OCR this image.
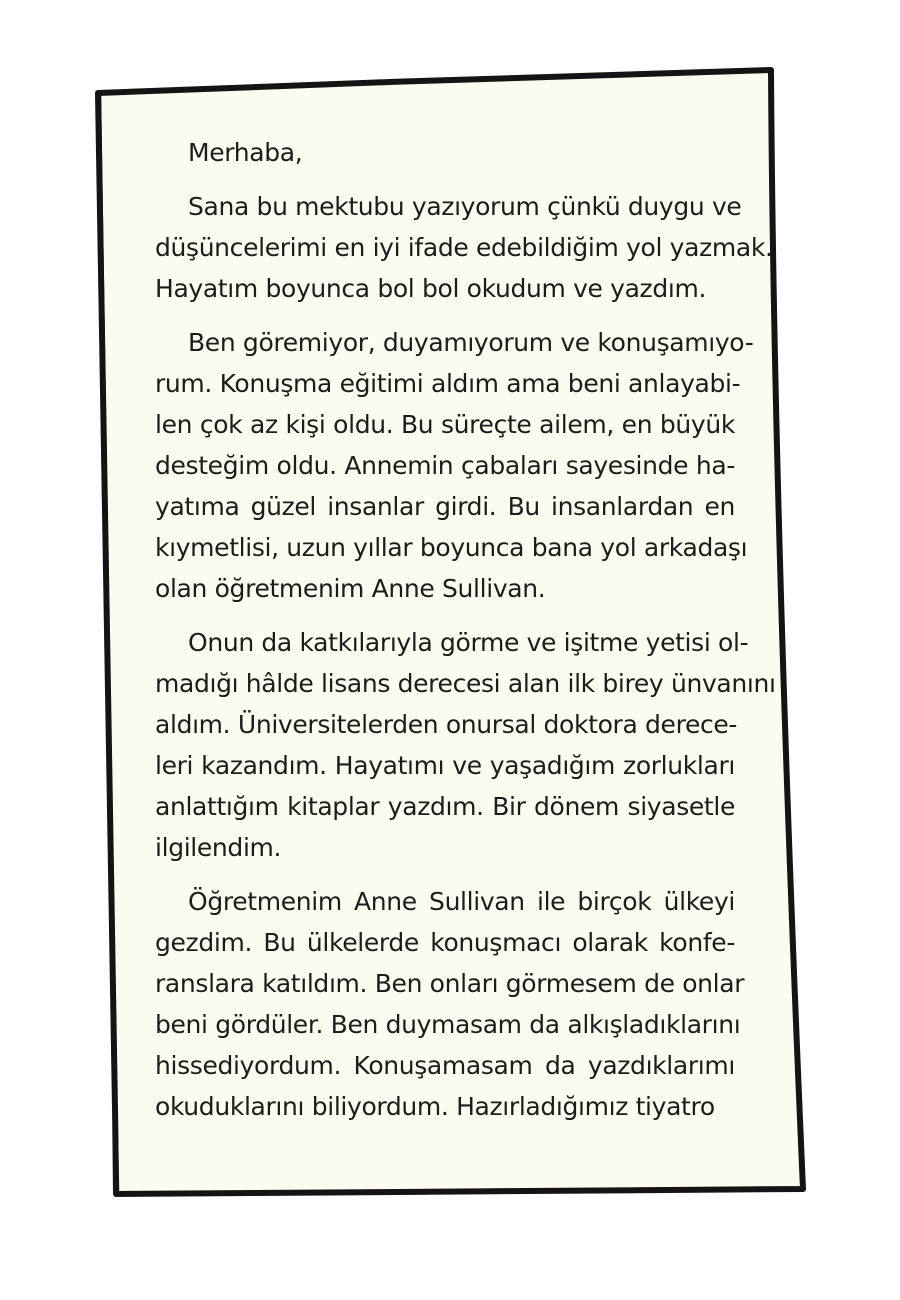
Merhaba,
Sana bu mektubu yazıyorum çünkü duygu ve
düşüncelerimi en iyi ifade edebildiğim yol yazmak.
Hayatım boyunca bol bol okudum ve yazdım.
Ben göremiyor, duyamıyorum ve konuşamıyo-
rum. Konuşma eğitimi aldım ama beni anlayabi-
len çok az kişi oldu. Bu süreçte ailem, en büyük
desteğim oldu. Annemin çabaları sayesinde ha-
yatıma güzel insanlar girdi. Bu insanlardan en
kıymetlisi, uzun yıllar boyunca bana yol arkadaşı
olan öğretmenim Anne Sullivan.
Onun da katkılarıyla görme ve işitme yetisi ol-
madığı hâlde lisans derecesi alan ilk birey ünvanını
aldım. Üniversitelerden onursal doktora derece-
leri kazandım. Hayatımı ve yaşadığım zorlukları
anlattığım kitaplar yazdım. Bir dönem siyasetle
ilgilendim.
Öğretmenim Anne Sullivan ile birçok ülkeyi
gezdim. Bu ülkelerde konuşmacı olarak konfe-
ranslara katıldım. Ben onları görmesem de onlar
beni gördüler. Ben duymasam da alkışladıklarını
hissediyordum. Konuşamasam da yazdıklarımı
okuduklarını biliyordum. Hazırladığımız tiyatro
